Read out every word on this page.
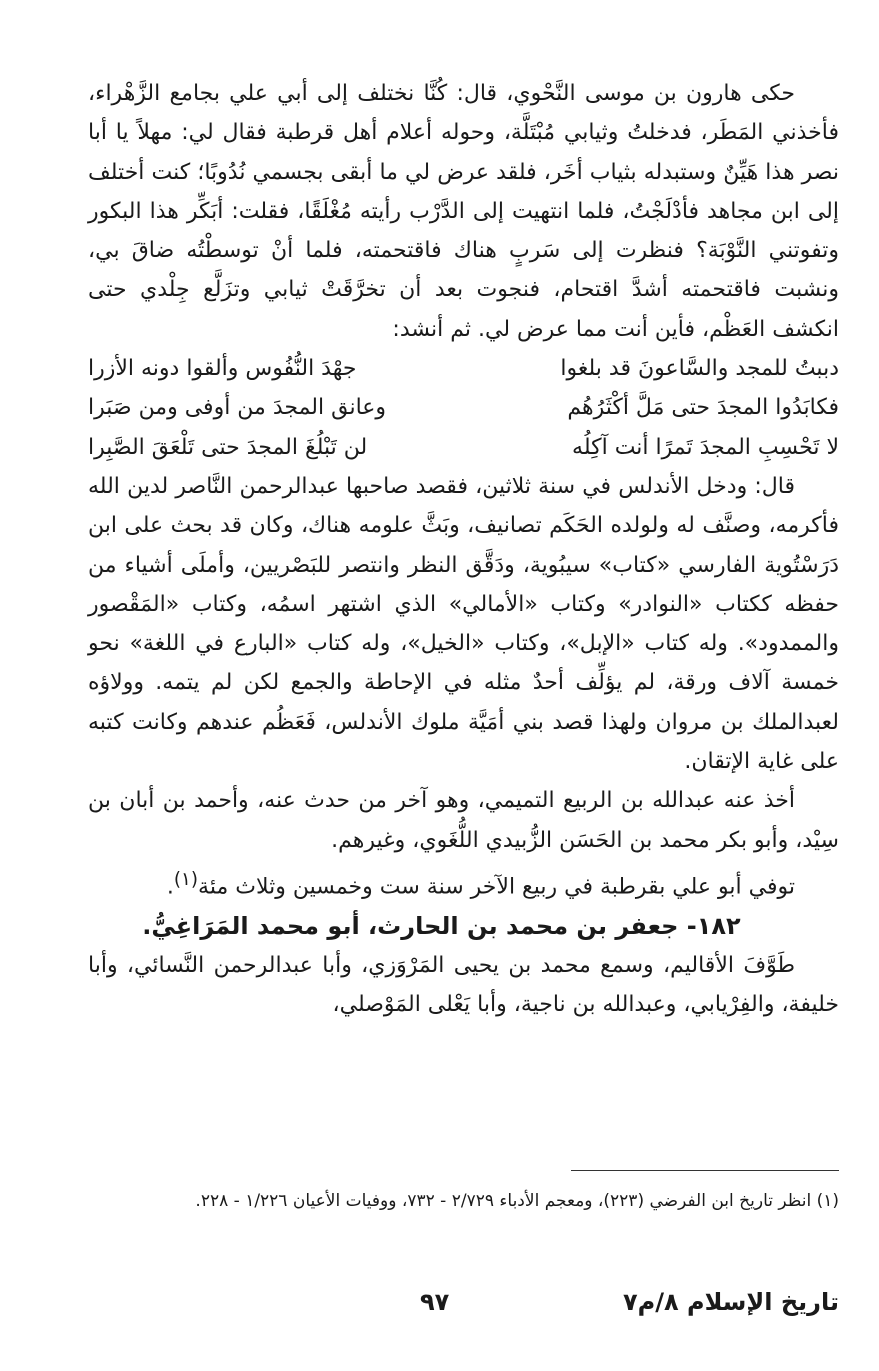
حكى هارون بن موسى النَّحْوي، قال: كُنَّا نختلف إلى أبي علي بجامع الزَّهْراء، فأخذني المَطَر، فدخلتُ وثيابي مُبْتَلَّة، وحوله أعلام أهل قرطبة فقال لي: مهلاً يا أبا نصر هذا هَيِّنٌ وستبدله بثياب أخَر، فلقد عرض لي ما أبقى بجسمي نُدُوبًا؛ كنت أختلف إلى ابن مجاهد فأدْلَجْتُ، فلما انتهيت إلى الدَّرْب رأيته مُغْلَقًا، فقلت: أبَكِّر هذا البكور وتفوتني النَّوْبَة؟ فنظرت إلى سَربٍ هناك فاقتحمته، فلما أنْ توسطْتُه ضاقَ بي، ونشبت فاقتحمته أشدَّ اقتحام، فنجوت بعد أن تخرَّقَتْ ثيابي وتزَلَّع جِلْدي حتى انكشف العَظْم، فأين أنت مما عرض لي. ثم أنشد:

دببتُ للمجد والسَّاعونَ قد بلغوا
جهْدَ النُّفُوس وألقوا دونه الأزرا
فكابَدُوا المجدَ حتى مَلَّ أكْثَرُهُم
وعانق المجدَ من أوفى ومن صَبَرا
لا تَحْسِبِ المجدَ تَمرًا أنت آكِلُه
لن تَبْلُغَ المجدَ حتى تَلْعَقَ الصَّبِرا

قال: ودخل الأندلس في سنة ثلاثين، فقصد صاحبها عبدالرحمن النَّاصر لدين الله فأكرمه، وصنَّف له ولولده الحَكَم تصانيف، وبَثَّ علومه هناك، وكان قد بحث على ابن دَرَسْتُوية الفارسي «كتاب» سيبُوية، ودَقَّق النظر وانتصر للبَصْريين، وأملَى أشياء من حفظه ككتاب «النوادر» وكتاب «الأمالي» الذي اشتهر اسمُه، وكتاب «المَقْصور والممدود». وله كتاب «الإبل»، وكتاب «الخيل»، وله كتاب «البارع في اللغة» نحو خمسة آلاف ورقة، لم يؤلِّف أحدٌ مثله في الإحاطة والجمع لكن لم يتمه. وولاؤه لعبدالملك بن مروان ولهذا قصد بني أمَيَّة ملوك الأندلس، فَعَظُم عندهم وكانت كتبه على غاية الإتقان.

أخذ عنه عبدالله بن الربيع التميمي، وهو آخر من حدث عنه، وأحمد بن أبان بن سِيْد، وأبو بكر محمد بن الحَسَن الزُّبيدي اللُّغَوي، وغيرهم.

توفي أبو علي بقرطبة في ربيع الآخر سنة ست وخمسين وثلاث مئة$^{(١)}$.

١٨٢- جعفر بن محمد بن الحارث، أبو محمد المَرَاغِيُّ.

طَوَّفَ الأقاليم، وسمع محمد بن يحيى المَرْوَزي، وأبا عبدالرحمن النَّسائي، وأبا خليفة، والفِرْيابي، وعبدالله بن ناجية، وأبا يَعْلى المَوْصلي،

(١) انظر تاريخ ابن الفرضي (٢٢٣)، ومعجم الأدباء ٢/٧٢٩ - ٧٣٢، ووفيات الأعيان ١/٢٢٦ - ٢٢٨.
تاريخ الإسلام ٨/م٧
٩٧
